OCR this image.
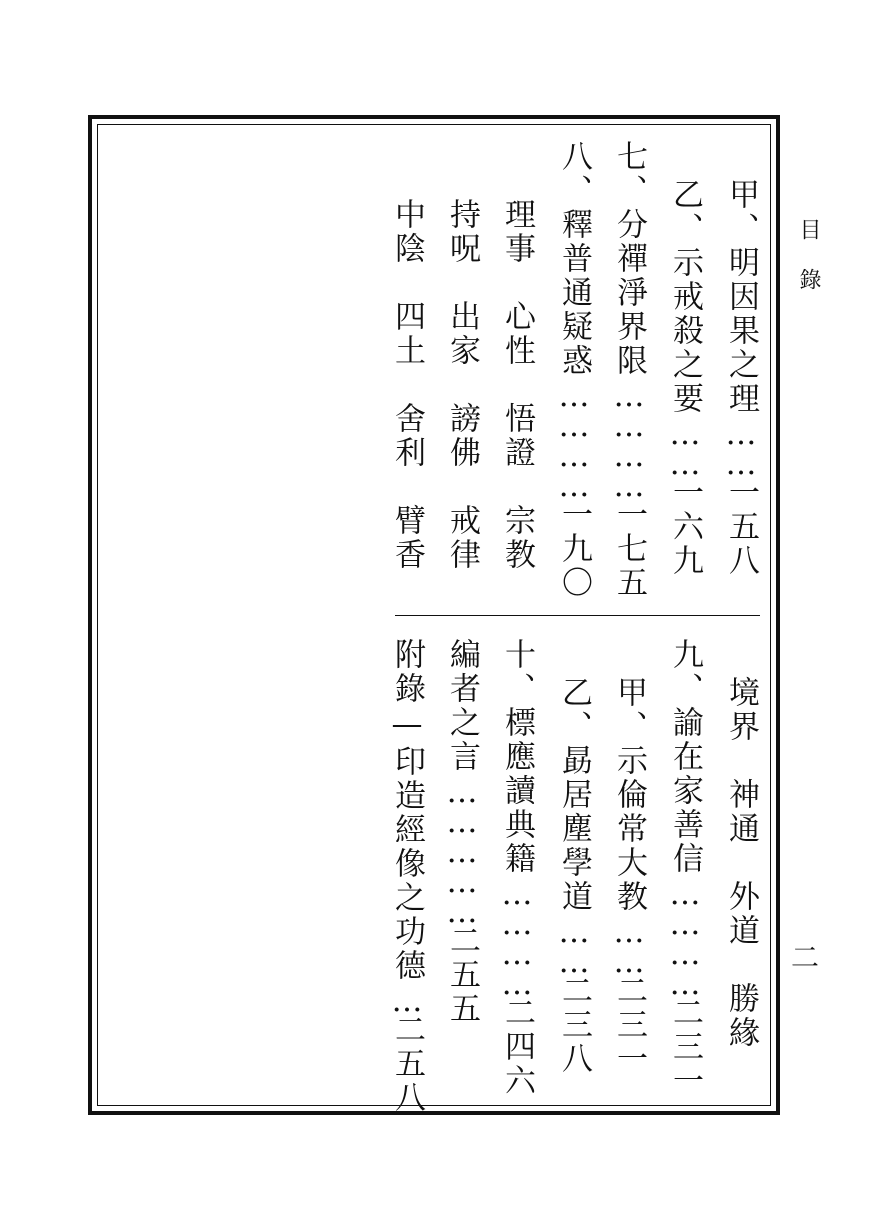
目錄
二
甲、明因果之理……一五八
乙、示戒殺之要……一六九
七、分禪淨界限…………一七五
八、釋普通疑惑…………一九〇
理事　心性　悟證　宗教
持呪　出家　謗佛　戒律
中陰　四土　舍利　臂香
境界　神通　外道　勝緣
九、諭在家善信…………二三一
甲、示倫常大教……二三一
乙、勗居塵學道……二三八
十、標應讀典籍…………二四六
編者之言……………二五五
附錄—印造經像之功德…二五八
